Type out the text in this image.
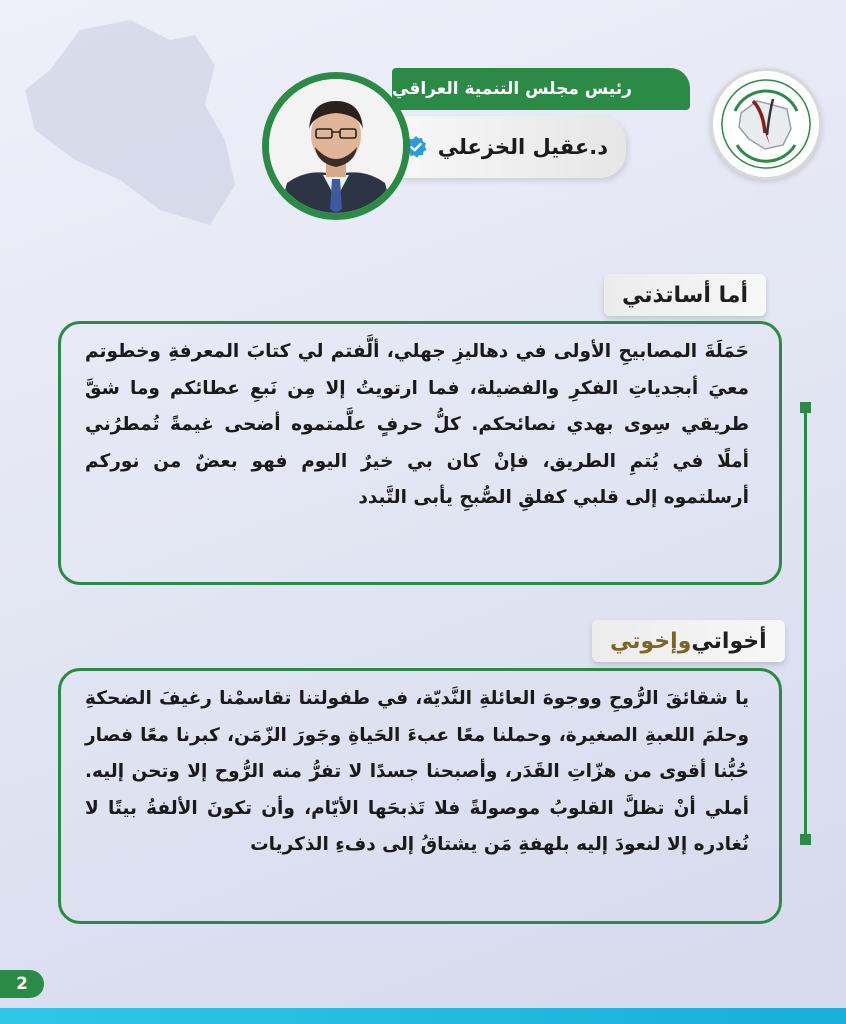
رئيس مجلس التنمية العراقي
د.عقيل الخزعلي
أما أساتذتي

حَمَلَةَ المصابيحِ الأولى في دهاليزِ جهلي، ألَّفتم لي كتابَ المعرفةِ وخطوتم معيَ أبجدياتِ الفكرِ والفضيلة، فما ارتويتُ إلا مِن نَبعِ عطائكم وما شقَّ طريقي سِوى بهدي نصائحكم. كلُّ حرفٍ علَّمتموه أضحى غيمةً تُمطرُني أملًا في يُتمِ الطريق، فإنْ كان بي خيرٌ اليوم فهو بعضٌ من نوركم أرسلتموه إلى قلبي كفلقِ الصُّبحِ يأبى التَّبدد

أخواتي
وإخوتي

يا شقائقَ الرُّوحِ ووجوهَ العائلةِ النَّديّة، في طفولتنا تقاسمْنا رغيفَ الضحكةِ وحلمَ اللعبةِ الصغيرة، وحملنا معًا عبءَ الحَياةِ وجَورَ الزّمَن، كبرنا معًا فصار حُبُّنا أقوى من هزّاتِ القَدَر، وأصبحنا جسدًا لا تفرُّ منه الرُّوح إلا وتحن إليه. أملي أنْ تظلَّ القلوبُ موصولةً فلا تَذبحَها الأيّام، وأن تكونَ الألفةُ بيتًا لا نُغادره إلا لنعودَ إليه بلهفةِ مَن يشتاقُ إلى دفءِ الذكريات

2
